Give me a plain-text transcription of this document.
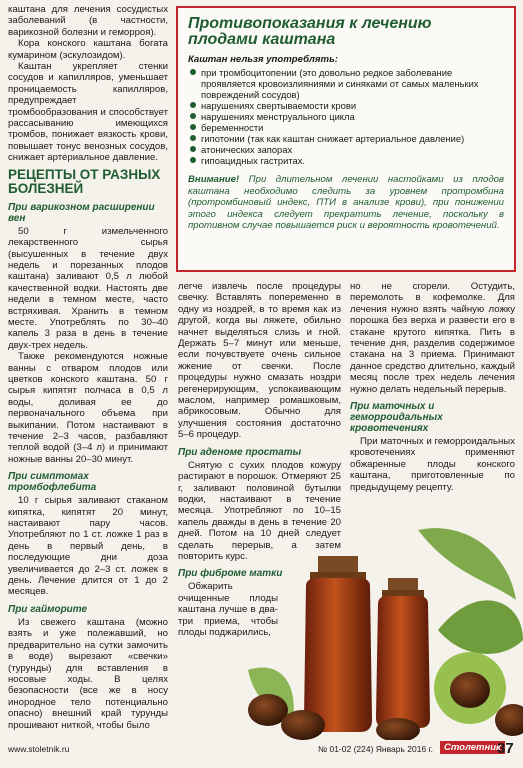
каштана для лечения сосудистых заболеваний (в частности, варикозной болезни и геморроя).

Кора конского каштана богата кумарином (эскулозидом).

Каштан укрепляет стенки сосудов и капилляров, уменьшает проницаемость капилляров, предупреждает тромбообразования и способствует рассасыванию имеющихся тромбов, понижает вязкость крови, повышает тонус венозных сосудов, снижает артериальное давление.

РЕЦЕПТЫ ОТ РАЗНЫХ БОЛЕЗНЕЙ
При варикозном расширении вен

50 г измельченного лекарственного сырья (высушенных в течение двух недель и порезанных плодов каштана) заливают 0,5 л любой качественной водки. Настоять две недели в темном месте, часто встряхивая. Хранить в темном месте. Употреблять по 30–40 капель 3 раза в день в течение двух-трех недель.

Также рекомендуются ножные ванны с отваром плодов или цветков конского каштана. 50 г сырья кипятят полчаса в 0,5 л воды, доливая ее до первоначального объема при выкипании. Потом настаивают в течение 2–3 часов, разбавляют теплой водой (3–4 л) и принимают ножные ванны 20–30 минут.

При симптомах тромбофлебита

10 г сырья заливают стаканом кипятка, кипятят 20 минут, настаивают пару часов. Употребляют по 1 ст. ложке 1 раз в день в первый день, в последующие дни доза увеличивается до 2–3 ст. ложек в день. Лечение длится от 1 до 2 месяцев.

При гайморите

Из свежего каштана (можно взять и уже полежавший, но предварительно на сутки замочить в воде) вырезают «свечки» (турунды) для вставления в носовые ходы. В целях безопасности (все же в носу инородное тело потенциально опасно) внешний край турунды прошивают ниткой, чтобы было

Противопоказания к лечению плодами каштана
Каштан нельзя употреблять:
при тромбоцитопении (это довольно редкое заболевание проявляется кровоизлияниями и синяками от самых маленьких повреждений сосудов)
нарушениях свертываемости крови
нарушениях менструального цикла
беременности
гипотонии (так как каштан снижает артериальное давление)
атонических запорах
гипоацидных гастритах.

Внимание! При длительном лечении настойками из плодов каштана необходимо следить за уровнем протромбина (протромбиновый индекс, ПТИ в анализе крови), при понижении этого индекса следует прекратить лечение, поскольку в противном случае повышается риск и вероятность кровотечений.

легче извлечь после процедуры свечку. Вставлять попеременно в одну из ноздрей, в то время как из другой, когда вы ляжете, обильно начнет выделяться слизь и гной. Держать 5–7 минут или меньше, если почувствуете очень сильное жжение от свечки. После процедуры нужно смазать ноздри регенерирующим, успокаивающим маслом, например ромашковым, абрикосовым. Обычно для улучшения состояния достаточно 5–6 процедур.

При аденоме простаты

Снятую с сухих плодов кожуру растирают в порошок. Отмеряют 25 г, заливают половиной бутылки водки, настаивают в течение месяца. Употребляют по 10–15 капель дважды в день в течение 20 дней. Потом на 10 дней следует сделать перерыв, а затем повторить курс.

При фиброме матки

Обжарить очищенные плоды каштана лучше в два-три приема, чтобы плоды поджарились,

но не сгорели. Остудить, перемолоть в кофемолке. Для лечения нужно взять чайную ложку порошка без верха и развести его в стакане крутого кипятка. Пить в течение дня, разделив содержимое стакана на 3 приема. Принимают данное средство длительно, каждый месяц после трех недель лечения нужно делать недельный перерыв.

При маточных и геморроидальных кровотечениях

При маточных и геморроидальных кровотечениях применяют обжаренные плоды конского каштана, приготовленные по предыдущему рецепту.

www.stoletnik.ru	№ 01-02 (224) Январь 2016 г.	Столетник
37
